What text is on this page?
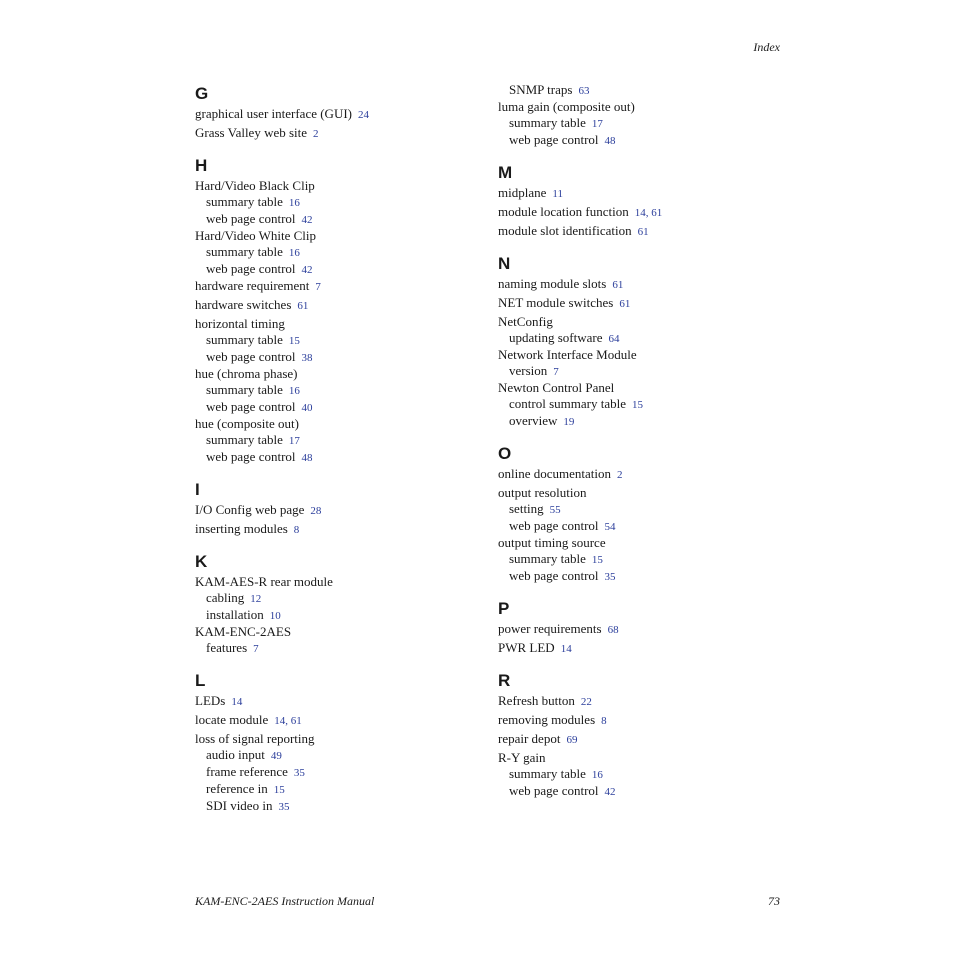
Index
G
graphical user interface (GUI) 24
Grass Valley web site 2
H
Hard/Video Black Clip
summary table 16
web page control 42
Hard/Video White Clip
summary table 16
web page control 42
hardware requirement 7
hardware switches 61
horizontal timing
summary table 15
web page control 38
hue (chroma phase)
summary table 16
web page control 40
hue (composite out)
summary table 17
web page control 48
I
I/O Config web page 28
inserting modules 8
K
KAM-AES-R rear module
cabling 12
installation 10
KAM-ENC-2AES
features 7
L
LEDs 14
locate module 14, 61
loss of signal reporting
audio input 49
frame reference 35
reference in 15
SDI video in 35
SNMP traps 63
luma gain (composite out)
summary table 17
web page control 48
M
midplane 11
module location function 14, 61
module slot identification 61
N
naming module slots 61
NET module switches 61
NetConfig
updating software 64
Network Interface Module
version 7
Newton Control Panel
control summary table 15
overview 19
O
online documentation 2
output resolution
setting 55
web page control 54
output timing source
summary table 15
web page control 35
P
power requirements 68
PWR LED 14
R
Refresh button 22
removing modules 8
repair depot 69
R-Y gain
summary table 16
web page control 42
KAM-ENC-2AES Instruction Manual	73
